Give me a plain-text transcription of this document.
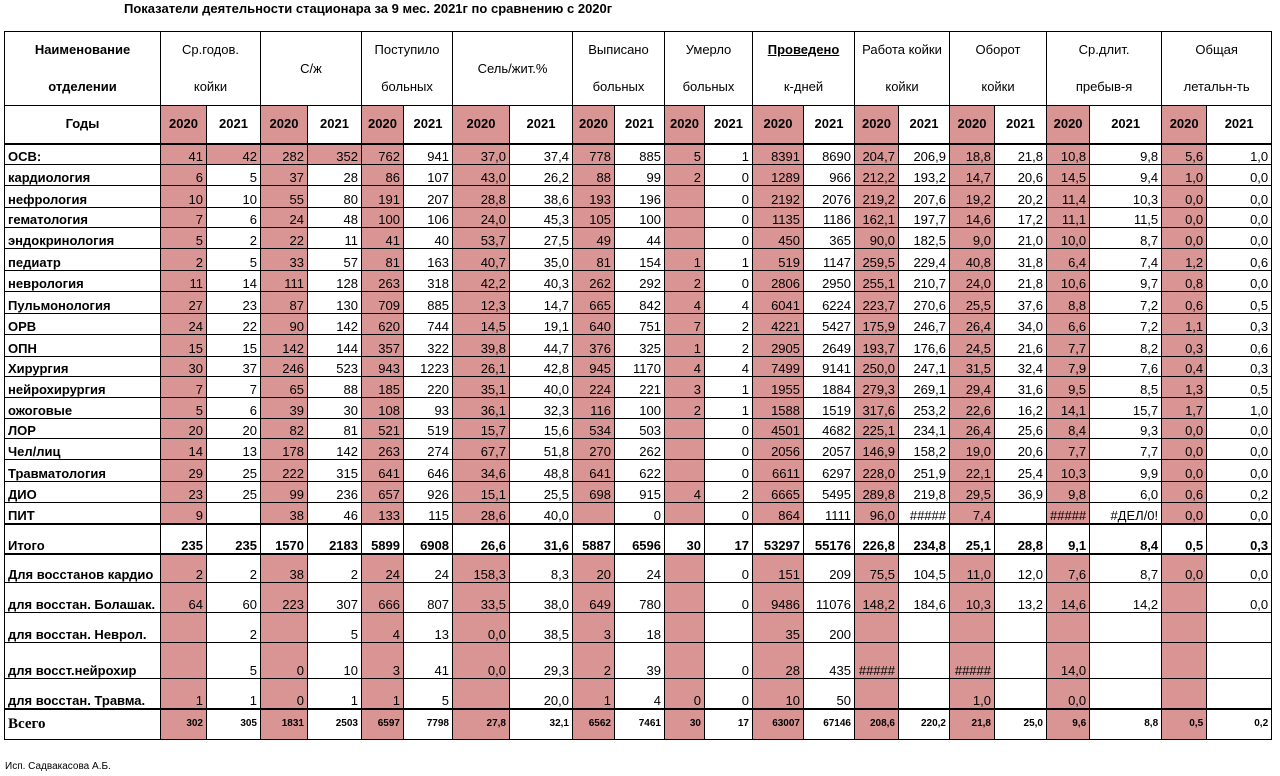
Показатели деятельности стационара за 9 мес. 2021г по сравнению с 2020г
Наименование	Ср.годов.		С/ж		Поступило		Сель/жит.%		Выписано		Умерло		Проведено		Работа койки		Оборот		Ср.длит.		Общая	
отделении	койки				больных				больных		больных		к-дней		койки		койки		пребыв-я		летальн-ть	
Годы	2020	2021	2020	2021	2020	2021	2020	2021	2020	2021	2020	2021	2020	2021	2020	2021	2020	2021	2020	2021	2020	2021
ОСВ:	41	42	282	352	762	941	37,0	37,4	778	885	5	1	8391	8690	204,7	206,9	18,8	21,8	10,8	9,8	5,6	1,0
кардиология	6	5	37	28	86	107	43,0	26,2	88	99	2	0	1289	966	212,2	193,2	14,7	20,6	14,5	9,4	1,0	0,0
нефрология	10	10	55	80	191	207	28,8	38,6	193	196		0	2192	2076	219,2	207,6	19,2	20,2	11,4	10,3	0,0	0,0
гематология	7	6	24	48	100	106	24,0	45,3	105	100		0	1135	1186	162,1	197,7	14,6	17,2	11,1	11,5	0,0	0,0
эндокринология	5	2	22	11	41	40	53,7	27,5	49	44		0	450	365	90,0	182,5	9,0	21,0	10,0	8,7	0,0	0,0
педиатр	2	5	33	57	81	163	40,7	35,0	81	154	1	1	519	1147	259,5	229,4	40,8	31,8	6,4	7,4	1,2	0,6
неврология	11	14	111	128	263	318	42,2	40,3	262	292	2	0	2806	2950	255,1	210,7	24,0	21,8	10,6	9,7	0,8	0,0
Пульмонология	27	23	87	130	709	885	12,3	14,7	665	842	4	4	6041	6224	223,7	270,6	25,5	37,6	8,8	7,2	0,6	0,5
ОРВ	24	22	90	142	620	744	14,5	19,1	640	751	7	2	4221	5427	175,9	246,7	26,4	34,0	6,6	7,2	1,1	0,3
ОПН	15	15	142	144	357	322	39,8	44,7	376	325	1	2	2905	2649	193,7	176,6	24,5	21,6	7,7	8,2	0,3	0,6
Хирургия	30	37	246	523	943	1223	26,1	42,8	945	1170	4	4	7499	9141	250,0	247,1	31,5	32,4	7,9	7,6	0,4	0,3
нейрохирургия	7	7	65	88	185	220	35,1	40,0	224	221	3	1	1955	1884	279,3	269,1	29,4	31,6	9,5	8,5	1,3	0,5
ожоговые	5	6	39	30	108	93	36,1	32,3	116	100	2	1	1588	1519	317,6	253,2	22,6	16,2	14,1	15,7	1,7	1,0
ЛОР	20	20	82	81	521	519	15,7	15,6	534	503		0	4501	4682	225,1	234,1	26,4	25,6	8,4	9,3	0,0	0,0
Чел/лиц	14	13	178	142	263	274	67,7	51,8	270	262		0	2056	2057	146,9	158,2	19,0	20,6	7,7	7,7	0,0	0,0
Травматология	29	25	222	315	641	646	34,6	48,8	641	622		0	6611	6297	228,0	251,9	22,1	25,4	10,3	9,9	0,0	0,0
ДИО	23	25	99	236	657	926	15,1	25,5	698	915	4	2	6665	5495	289,8	219,8	29,5	36,9	9,8	6,0	0,6	0,2
ПИТ	9		38	46	133	115	28,6	40,0		0		0	864	1111	96,0	#####	7,4		#####	#ДЕЛ/0!	0,0	0,0
Итого	235	235	1570	2183	5899	6908	26,6	31,6	5887	6596	30	17	53297	55176	226,8	234,8	25,1	28,8	9,1	8,4	0,5	0,3
Для восстанов кардио	2	2	38	2	24	24	158,3	8,3	20	24		0	151	209	75,5	104,5	11,0	12,0	7,6	8,7	0,0	0,0
для восстан. Болашак.	64	60	223	307	666	807	33,5	38,0	649	780		0	9486	11076	148,2	184,6	10,3	13,2	14,6	14,2		0,0
для восстан. Неврол.		2		5	4	13	0,0	38,5	3	18			35	200								
для восст.нейрохир		5	0	10	3	41	0,0	29,3	2	39		0	28	435	#####		#####		14,0			
для восстан. Травма.	1	1	0	1	1	5		20,0	1	4	0	0	10	50			1,0		0,0			
Всего	302	305	1831	2503	6597	7798	27,8	32,1	6562	7461	30	17	63007	67146	208,6	220,2	21,8	25,0	9,6	8,8	0,5	0,2
Исп. Садвакасова А.Б.
